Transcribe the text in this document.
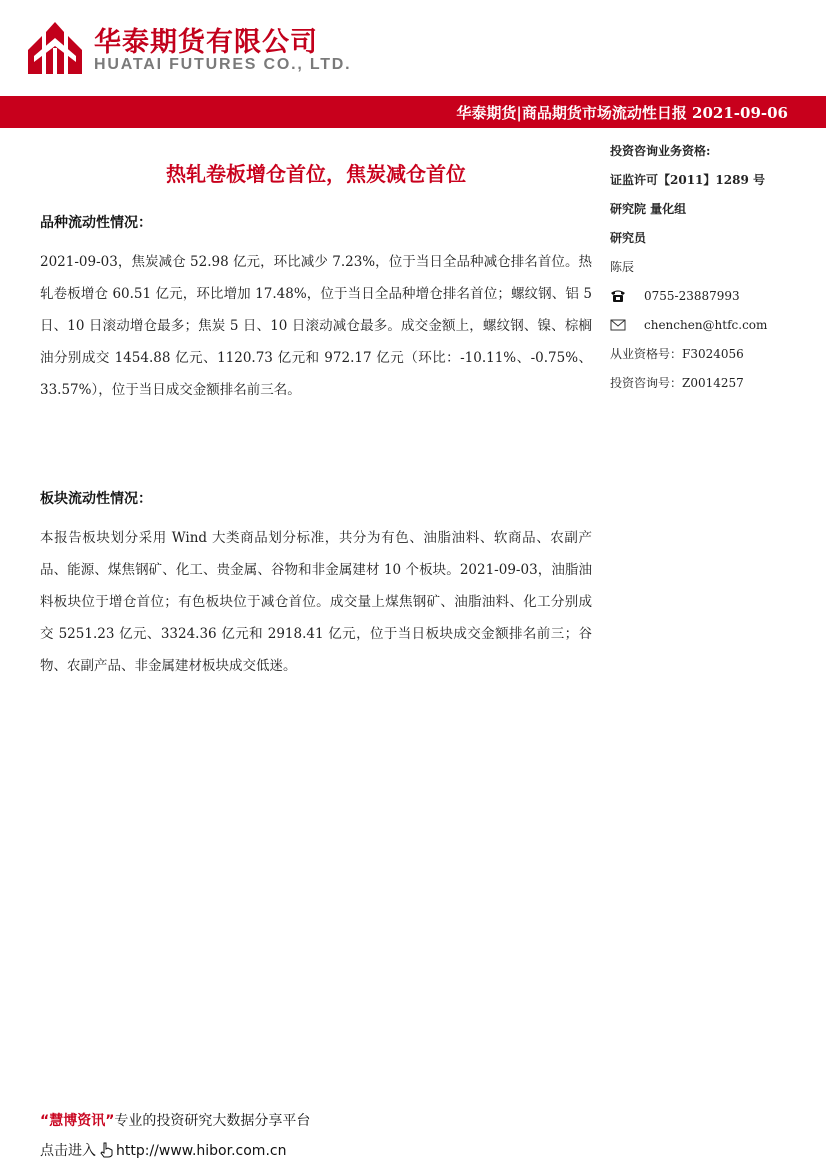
华泰期货有限公司
HUATAI FUTURES CO., LTD.
华泰期货|商品期货市场流动性日报 2021-09-06
热轧卷板增仓首位，焦炭减仓首位
品种流动性情况：
2021-09-03，焦炭减仓 52.98 亿元，环比减少 7.23%，位于当日全品种减仓排名首位。热轧卷板增仓 60.51 亿元，环比增加 17.48%，位于当日全品种增仓排名首位；螺纹钢、铝 5 日、10 日滚动增仓最多；焦炭 5 日、10 日滚动减仓最多。成交金额上，螺纹钢、镍、棕榈油分别成交 1454.88 亿元、1120.73 亿元和 972.17 亿元（环比：-10.11%、-0.75%、33.57%），位于当日成交金额排名前三名。
板块流动性情况：
本报告板块划分采用 Wind 大类商品划分标准，共分为有色、油脂油料、软商品、农副产品、能源、煤焦钢矿、化工、贵金属、谷物和非金属建材 10 个板块。2021-09-03，油脂油料板块位于增仓首位；有色板块位于减仓首位。成交量上煤焦钢矿、油脂油料、化工分别成交 5251.23 亿元、3324.36 亿元和 2918.41 亿元，位于当日板块成交金额排名前三；谷物、农副产品、非金属建材板块成交低迷。
投资咨询业务资格:
证监许可【2011】1289 号
研究院 量化组
研究员
陈辰
0755-23887993
chenchen@htfc.com
从业资格号：F3024056
投资咨询号：Z0014257
“慧博资讯”专业的投资研究大数据分享平台
点击进入 http://www.hibor.com.cn
